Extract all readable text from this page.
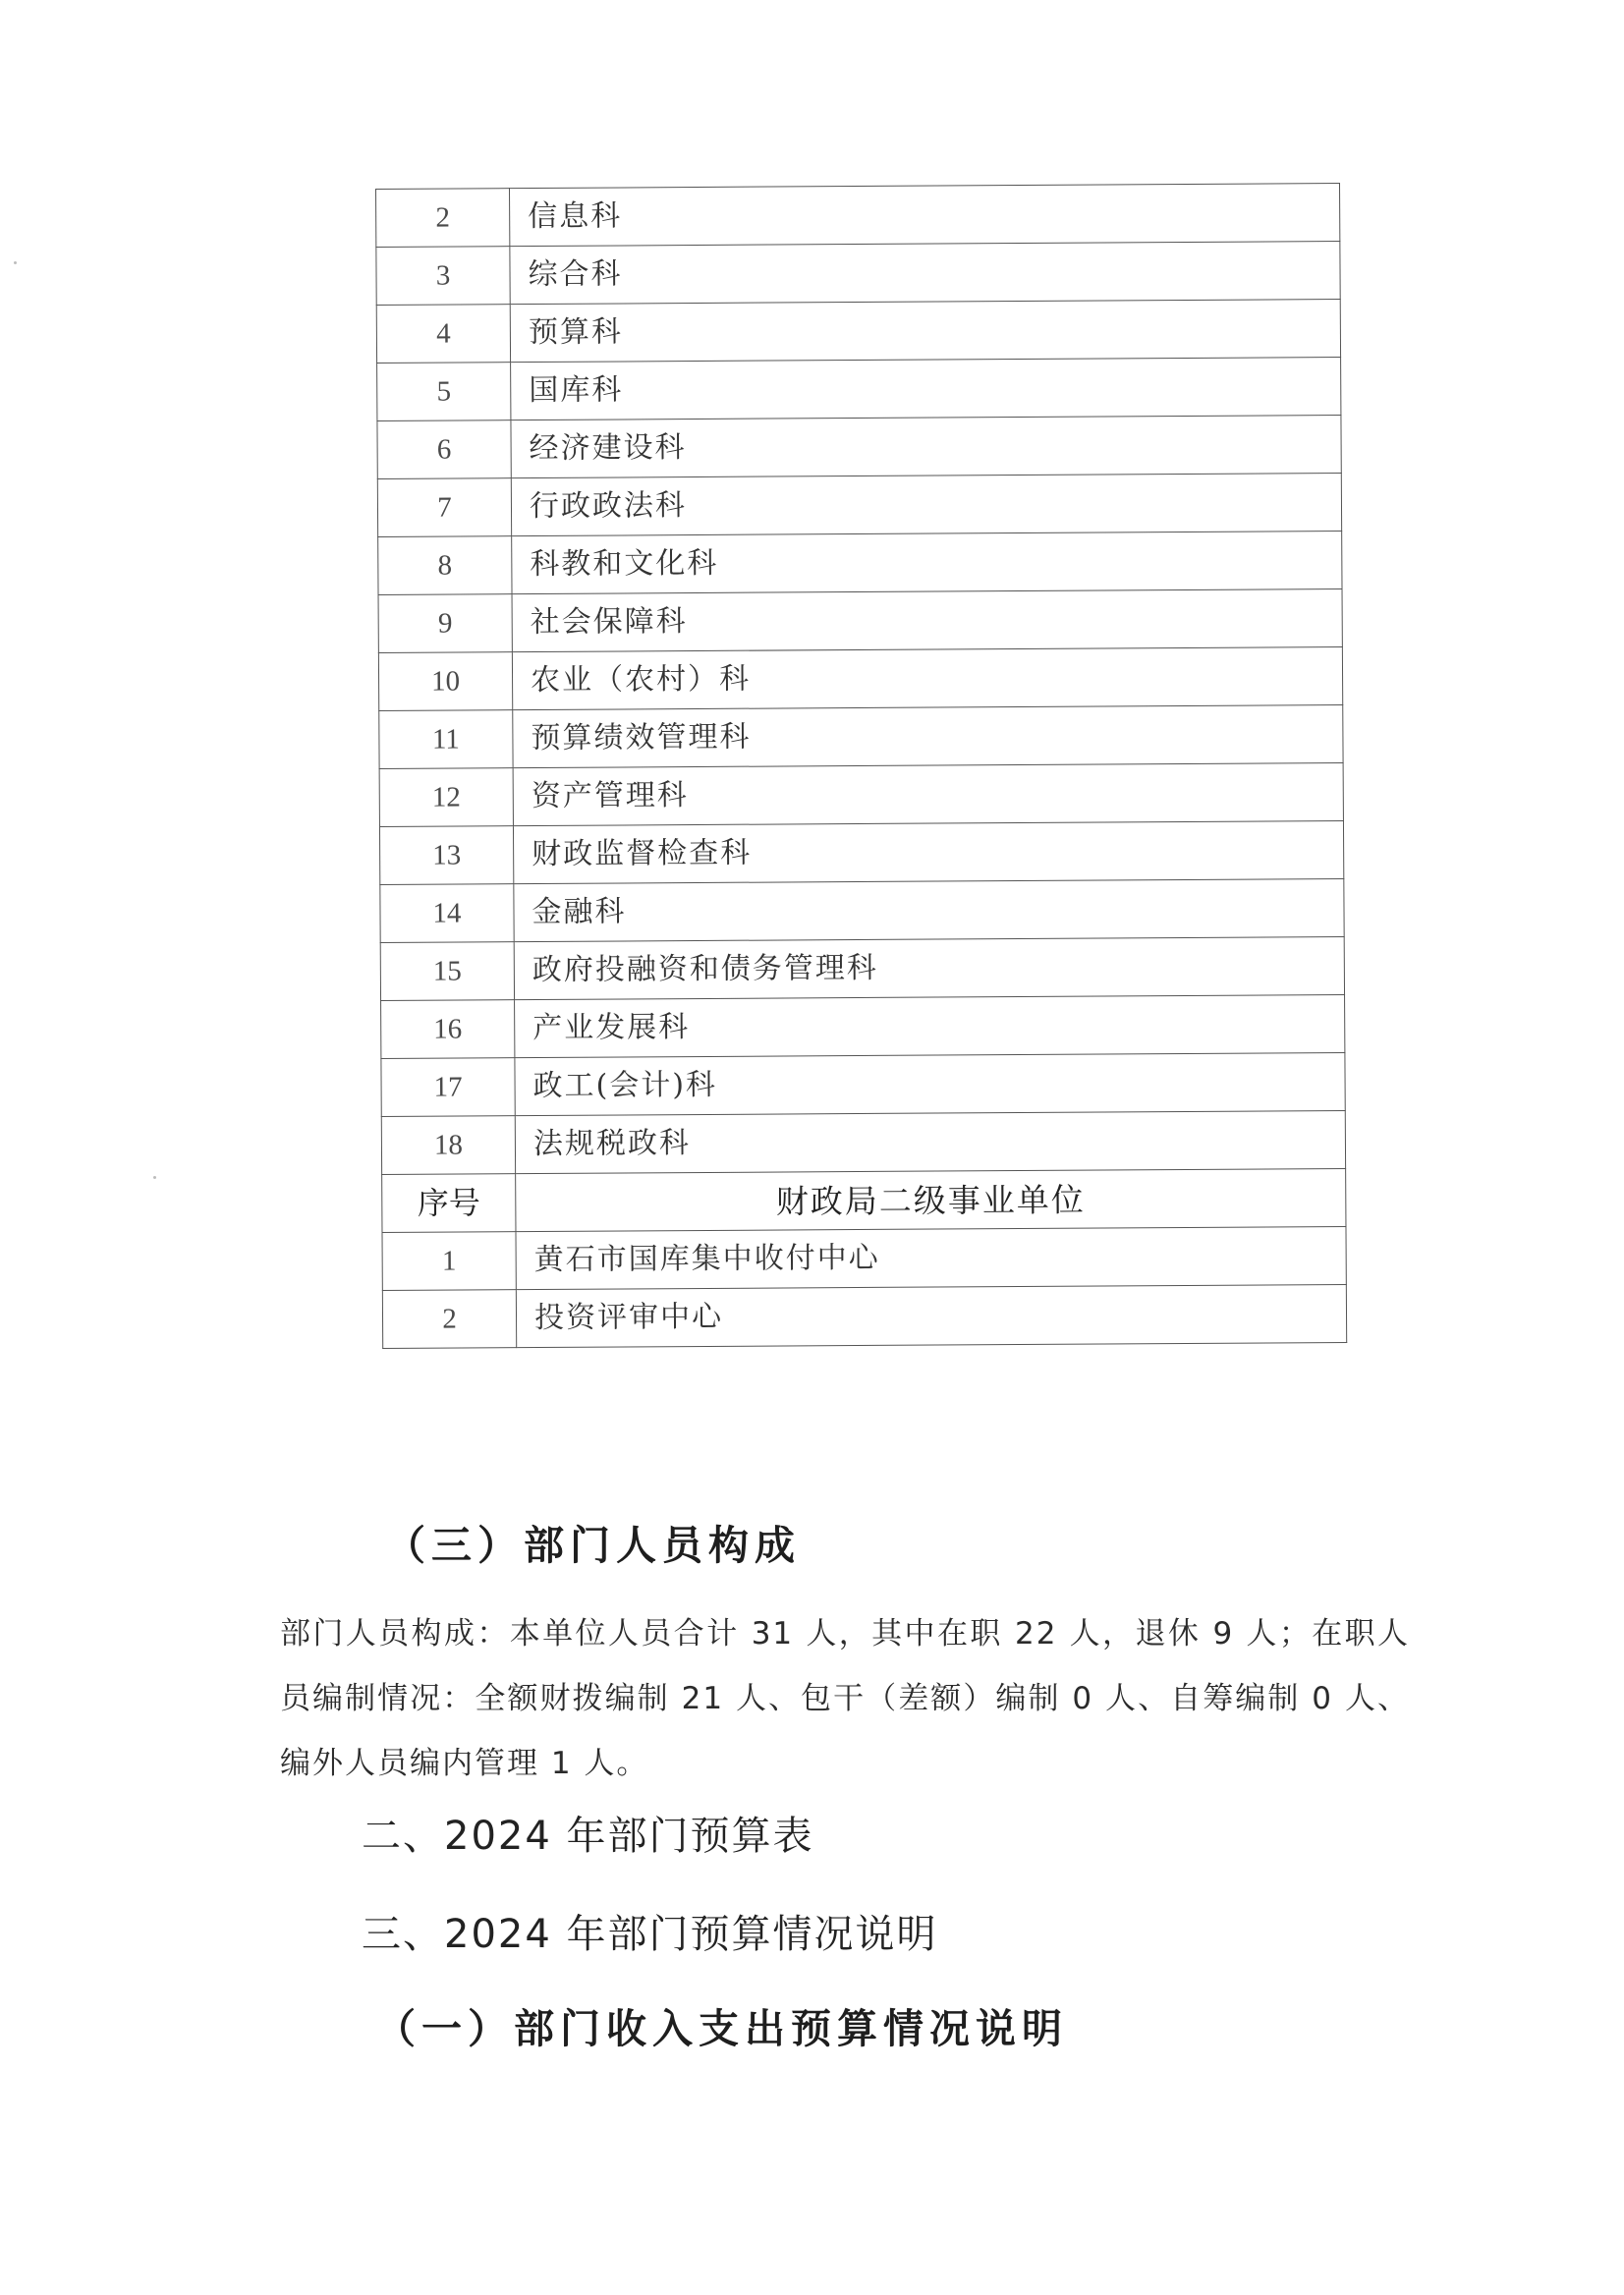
2	信息科
3	综合科
4	预算科
5	国库科
6	经济建设科
7	行政政法科
8	科教和文化科
9	社会保障科
10	农业（农村）科
11	预算绩效管理科
12	资产管理科
13	财政监督检查科
14	金融科
15	政府投融资和债务管理科
16	产业发展科
17	政工(会计)科
18	法规税政科
序号	财政局二级事业单位
1	黄石市国库集中收付中心
2	投资评审中心
（三）部门人员构成
部门人员构成：本单位人员合计 31 人，其中在职 22 人，退休 9 人；在职人员编制情况：全额财拨编制 21 人、包干（差额）编制 0 人、自筹编制 0 人、编外人员编内管理 1 人。
二、2024 年部门预算表
三、2024 年部门预算情况说明
（一）部门收入支出预算情况说明
